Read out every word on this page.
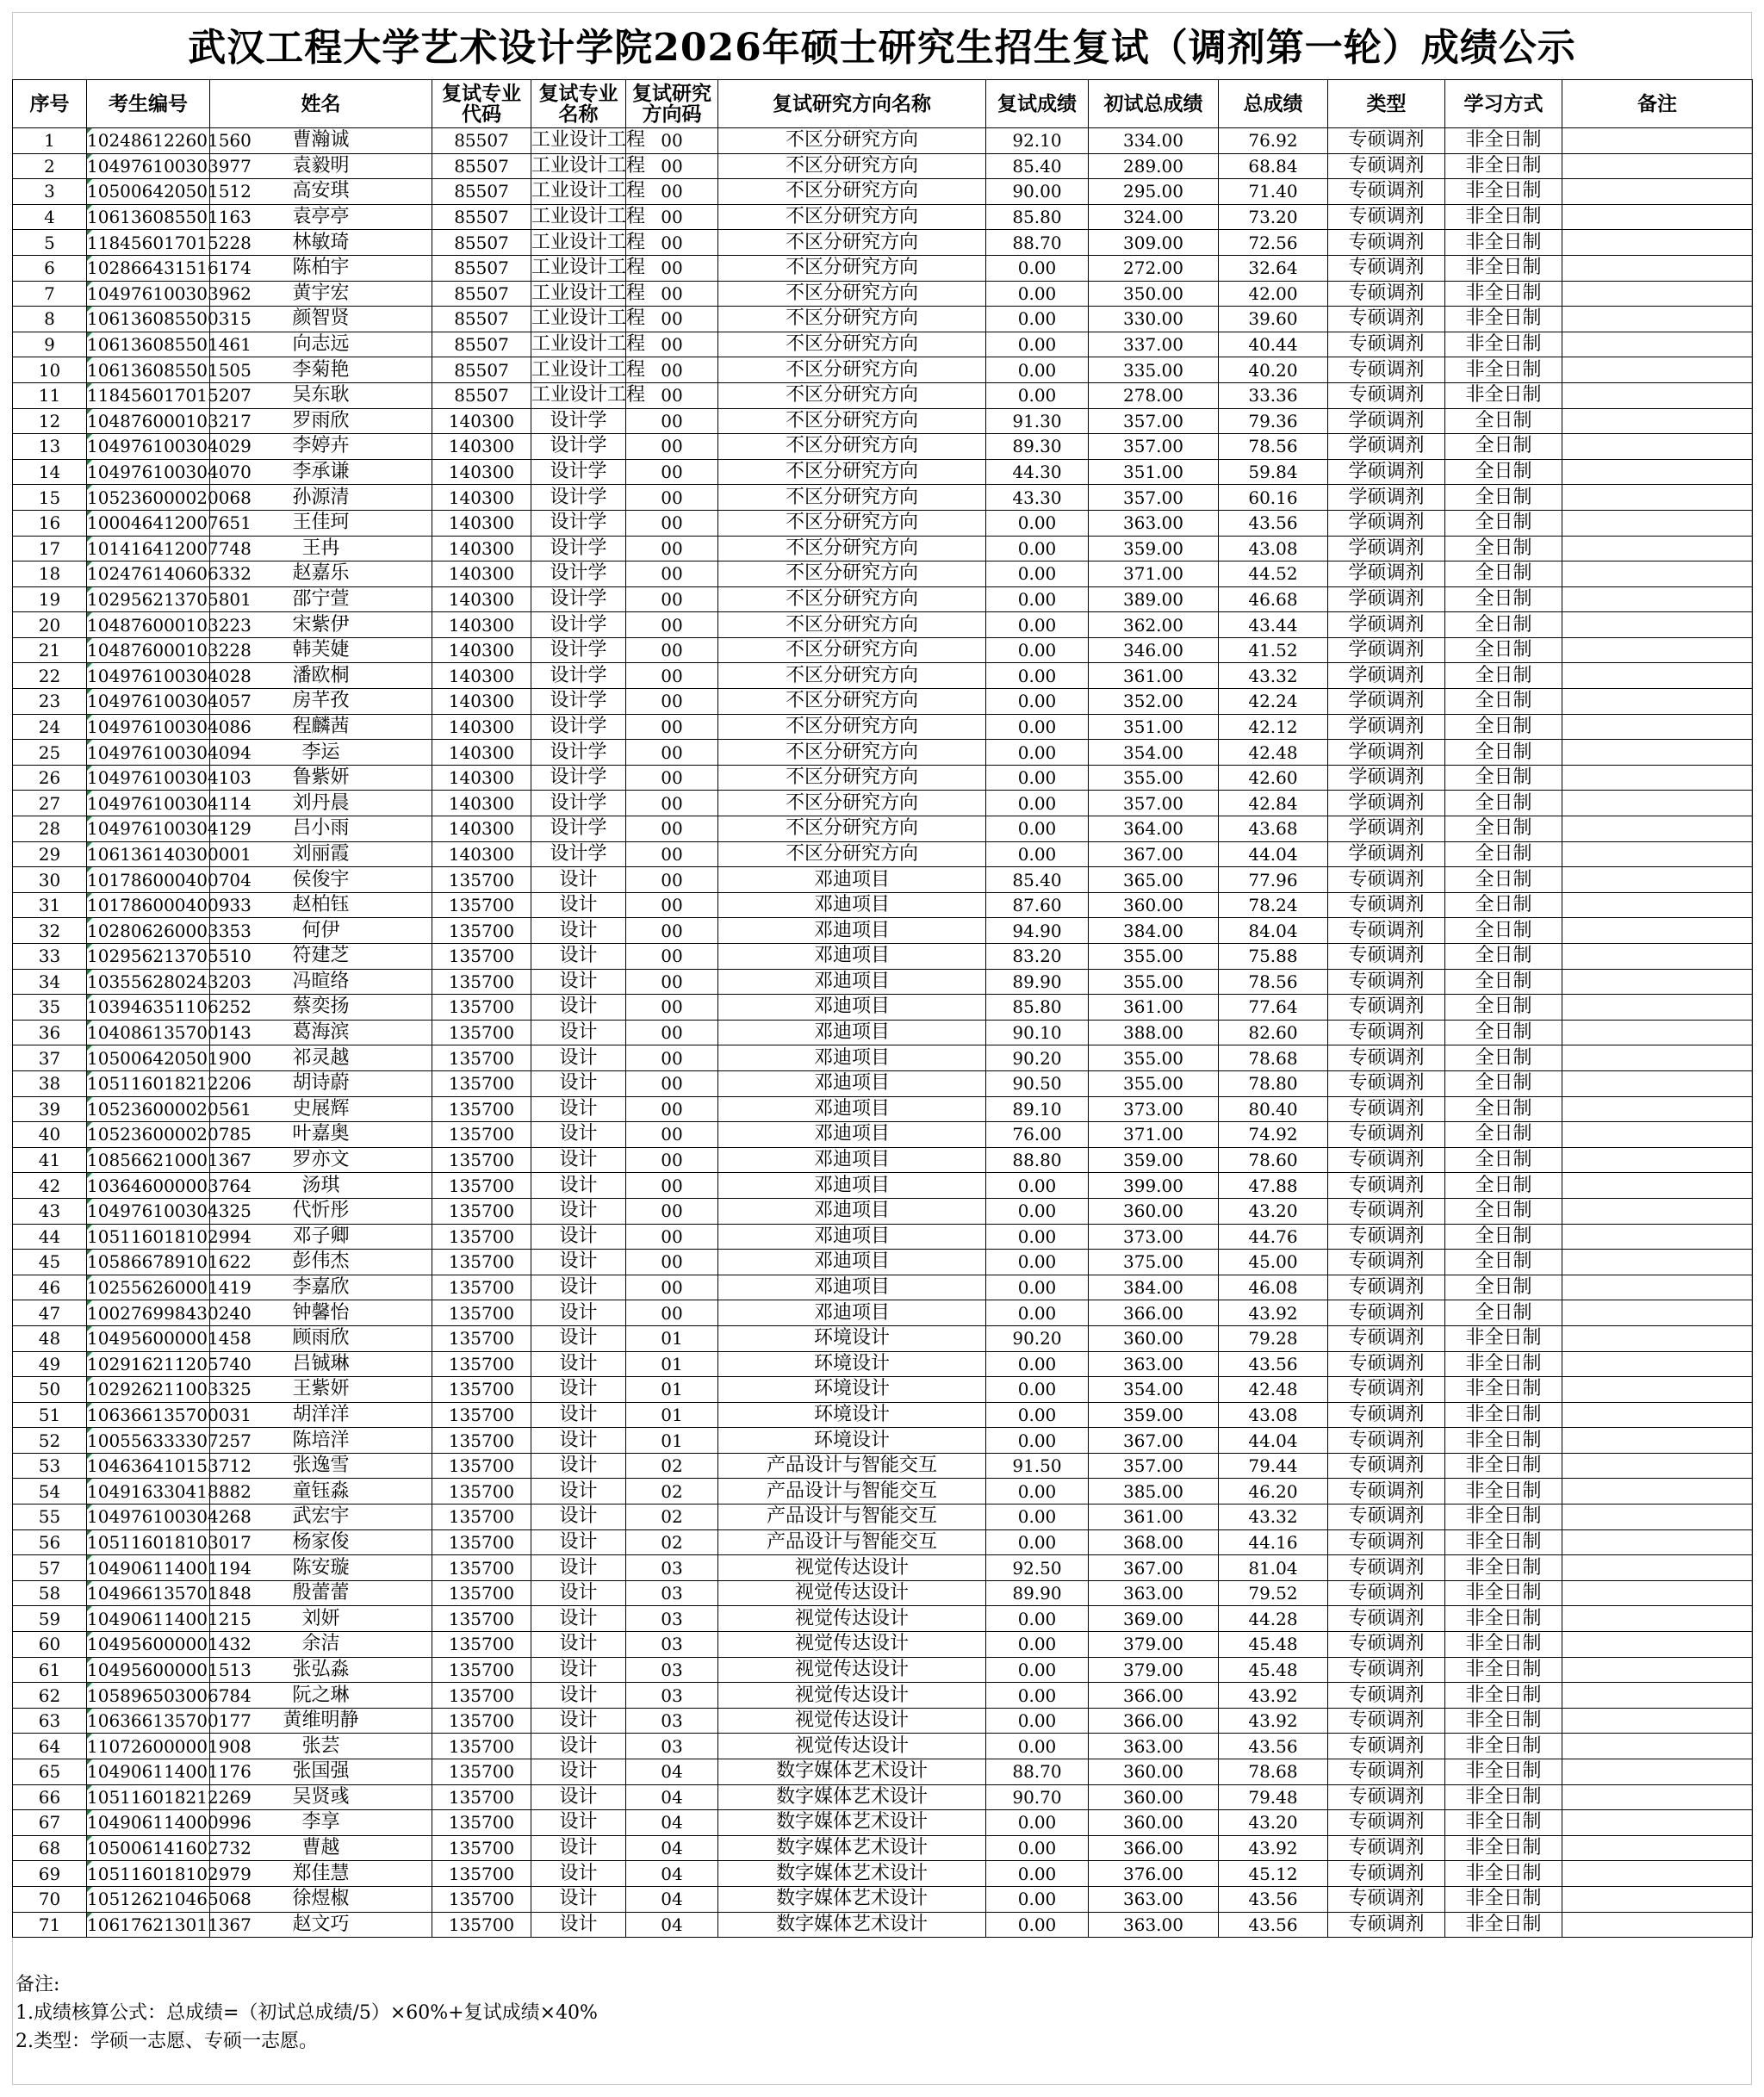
武汉工程大学艺术设计学院2026年硕士研究生招生复试（调剂第一轮）成绩公示
序号	考生编号	姓名	复试专业代码	复试专业名称	复试研究方向码	复试研究方向名称	复试成绩	初试总成绩	总成绩	类型	学习方式	备注
1	102486122601560	曹瀚诚	85507	工业设计工程	00	不区分研究方向	92.10	334.00	76.92	专硕调剂	非全日制	
2	104976100303977	袁毅明	85507	工业设计工程	00	不区分研究方向	85.40	289.00	68.84	专硕调剂	非全日制	
3	105006420501512	高安琪	85507	工业设计工程	00	不区分研究方向	90.00	295.00	71.40	专硕调剂	非全日制	
4	106136085501163	袁亭亭	85507	工业设计工程	00	不区分研究方向	85.80	324.00	73.20	专硕调剂	非全日制	
5	118456017015228	林敏琦	85507	工业设计工程	00	不区分研究方向	88.70	309.00	72.56	专硕调剂	非全日制	
6	102866431516174	陈柏宇	85507	工业设计工程	00	不区分研究方向	0.00	272.00	32.64	专硕调剂	非全日制	
7	104976100303962	黄宇宏	85507	工业设计工程	00	不区分研究方向	0.00	350.00	42.00	专硕调剂	非全日制	
8	106136085500315	颜智贤	85507	工业设计工程	00	不区分研究方向	0.00	330.00	39.60	专硕调剂	非全日制	
9	106136085501461	向志远	85507	工业设计工程	00	不区分研究方向	0.00	337.00	40.44	专硕调剂	非全日制	
10	106136085501505	李菊艳	85507	工业设计工程	00	不区分研究方向	0.00	335.00	40.20	专硕调剂	非全日制	
11	118456017015207	吴东耿	85507	工业设计工程	00	不区分研究方向	0.00	278.00	33.36	专硕调剂	非全日制	
12	104876000103217	罗雨欣	140300	设计学	00	不区分研究方向	91.30	357.00	79.36	学硕调剂	全日制	
13	104976100304029	李婷卉	140300	设计学	00	不区分研究方向	89.30	357.00	78.56	学硕调剂	全日制	
14	104976100304070	李承谦	140300	设计学	00	不区分研究方向	44.30	351.00	59.84	学硕调剂	全日制	
15	105236000020068	孙源清	140300	设计学	00	不区分研究方向	43.30	357.00	60.16	学硕调剂	全日制	
16	100046412007651	王佳珂	140300	设计学	00	不区分研究方向	0.00	363.00	43.56	学硕调剂	全日制	
17	101416412007748	王冉	140300	设计学	00	不区分研究方向	0.00	359.00	43.08	学硕调剂	全日制	
18	102476140606332	赵嘉乐	140300	设计学	00	不区分研究方向	0.00	371.00	44.52	学硕调剂	全日制	
19	102956213705801	邵宁萱	140300	设计学	00	不区分研究方向	0.00	389.00	46.68	学硕调剂	全日制	
20	104876000103223	宋紫伊	140300	设计学	00	不区分研究方向	0.00	362.00	43.44	学硕调剂	全日制	
21	104876000103228	韩芙婕	140300	设计学	00	不区分研究方向	0.00	346.00	41.52	学硕调剂	全日制	
22	104976100304028	潘欧桐	140300	设计学	00	不区分研究方向	0.00	361.00	43.32	学硕调剂	全日制	
23	104976100304057	房芊孜	140300	设计学	00	不区分研究方向	0.00	352.00	42.24	学硕调剂	全日制	
24	104976100304086	程麟茜	140300	设计学	00	不区分研究方向	0.00	351.00	42.12	学硕调剂	全日制	
25	104976100304094	李运	140300	设计学	00	不区分研究方向	0.00	354.00	42.48	学硕调剂	全日制	
26	104976100304103	鲁紫妍	140300	设计学	00	不区分研究方向	0.00	355.00	42.60	学硕调剂	全日制	
27	104976100304114	刘丹晨	140300	设计学	00	不区分研究方向	0.00	357.00	42.84	学硕调剂	全日制	
28	104976100304129	吕小雨	140300	设计学	00	不区分研究方向	0.00	364.00	43.68	学硕调剂	全日制	
29	106136140300001	刘丽霞	140300	设计学	00	不区分研究方向	0.00	367.00	44.04	学硕调剂	全日制	
30	101786000400704	侯俊宇	135700	设计	00	邓迪项目	85.40	365.00	77.96	专硕调剂	全日制	
31	101786000400933	赵柏钰	135700	设计	00	邓迪项目	87.60	360.00	78.24	专硕调剂	全日制	
32	102806260003353	何伊	135700	设计	00	邓迪项目	94.90	384.00	84.04	专硕调剂	全日制	
33	102956213705510	符建芝	135700	设计	00	邓迪项目	83.20	355.00	75.88	专硕调剂	全日制	
34	103556280243203	冯暄络	135700	设计	00	邓迪项目	89.90	355.00	78.56	专硕调剂	全日制	
35	103946351106252	蔡奕扬	135700	设计	00	邓迪项目	85.80	361.00	77.64	专硕调剂	全日制	
36	104086135700143	葛海滨	135700	设计	00	邓迪项目	90.10	388.00	82.60	专硕调剂	全日制	
37	105006420501900	祁灵越	135700	设计	00	邓迪项目	90.20	355.00	78.68	专硕调剂	全日制	
38	105116018212206	胡诗蔚	135700	设计	00	邓迪项目	90.50	355.00	78.80	专硕调剂	全日制	
39	105236000020561	史展辉	135700	设计	00	邓迪项目	89.10	373.00	80.40	专硕调剂	全日制	
40	105236000020785	叶嘉奥	135700	设计	00	邓迪项目	76.00	371.00	74.92	专硕调剂	全日制	
41	108566210001367	罗亦文	135700	设计	00	邓迪项目	88.80	359.00	78.60	专硕调剂	全日制	
42	103646000003764	汤琪	135700	设计	00	邓迪项目	0.00	399.00	47.88	专硕调剂	全日制	
43	104976100304325	代忻彤	135700	设计	00	邓迪项目	0.00	360.00	43.20	专硕调剂	全日制	
44	105116018102994	邓子卿	135700	设计	00	邓迪项目	0.00	373.00	44.76	专硕调剂	全日制	
45	105866789101622	彭伟杰	135700	设计	00	邓迪项目	0.00	375.00	45.00	专硕调剂	全日制	
46	102556260001419	李嘉欣	135700	设计	00	邓迪项目	0.00	384.00	46.08	专硕调剂	全日制	
47	100276998430240	钟馨怡	135700	设计	00	邓迪项目	0.00	366.00	43.92	专硕调剂	全日制	
48	104956000001458	顾雨欣	135700	设计	01	环境设计	90.20	360.00	79.28	专硕调剂	非全日制	
49	102916211205740	吕铖琳	135700	设计	01	环境设计	0.00	363.00	43.56	专硕调剂	非全日制	
50	102926211003325	王紫妍	135700	设计	01	环境设计	0.00	354.00	42.48	专硕调剂	非全日制	
51	106366135700031	胡洋洋	135700	设计	01	环境设计	0.00	359.00	43.08	专硕调剂	非全日制	
52	100556333307257	陈培洋	135700	设计	01	环境设计	0.00	367.00	44.04	专硕调剂	非全日制	
53	104636410153712	张逸雪	135700	设计	02	产品设计与智能交互	91.50	357.00	79.44	专硕调剂	非全日制	
54	104916330418882	童钰淼	135700	设计	02	产品设计与智能交互	0.00	385.00	46.20	专硕调剂	非全日制	
55	104976100304268	武宏宇	135700	设计	02	产品设计与智能交互	0.00	361.00	43.32	专硕调剂	非全日制	
56	105116018103017	杨家俊	135700	设计	02	产品设计与智能交互	0.00	368.00	44.16	专硕调剂	非全日制	
57	104906114001194	陈安璇	135700	设计	03	视觉传达设计	92.50	367.00	81.04	专硕调剂	非全日制	
58	104966135701848	殷蕾蕾	135700	设计	03	视觉传达设计	89.90	363.00	79.52	专硕调剂	非全日制	
59	104906114001215	刘妍	135700	设计	03	视觉传达设计	0.00	369.00	44.28	专硕调剂	非全日制	
60	104956000001432	余洁	135700	设计	03	视觉传达设计	0.00	379.00	45.48	专硕调剂	非全日制	
61	104956000001513	张弘淼	135700	设计	03	视觉传达设计	0.00	379.00	45.48	专硕调剂	非全日制	
62	105896503006784	阮之琳	135700	设计	03	视觉传达设计	0.00	366.00	43.92	专硕调剂	非全日制	
63	106366135700177	黄维明静	135700	设计	03	视觉传达设计	0.00	366.00	43.92	专硕调剂	非全日制	
64	110726000001908	张芸	135700	设计	03	视觉传达设计	0.00	363.00	43.56	专硕调剂	非全日制	
65	104906114001176	张国强	135700	设计	04	数字媒体艺术设计	88.70	360.00	78.68	专硕调剂	非全日制	
66	105116018212269	吴贤彧	135700	设计	04	数字媒体艺术设计	90.70	360.00	79.48	专硕调剂	非全日制	
67	104906114000996	李享	135700	设计	04	数字媒体艺术设计	0.00	360.00	43.20	专硕调剂	非全日制	
68	105006141602732	曹越	135700	设计	04	数字媒体艺术设计	0.00	366.00	43.92	专硕调剂	非全日制	
69	105116018102979	郑佳慧	135700	设计	04	数字媒体艺术设计	0.00	376.00	45.12	专硕调剂	非全日制	
70	105126210465068	徐煜椒	135700	设计	04	数字媒体艺术设计	0.00	363.00	43.56	专硕调剂	非全日制	
71	106176213011367	赵文巧	135700	设计	04	数字媒体艺术设计	0.00	363.00	43.56	专硕调剂	非全日制	
备注:
1.成绩核算公式：总成绩=（初试总成绩/5）×60%+复试成绩×40%
2.类型：学硕一志愿、专硕一志愿。
